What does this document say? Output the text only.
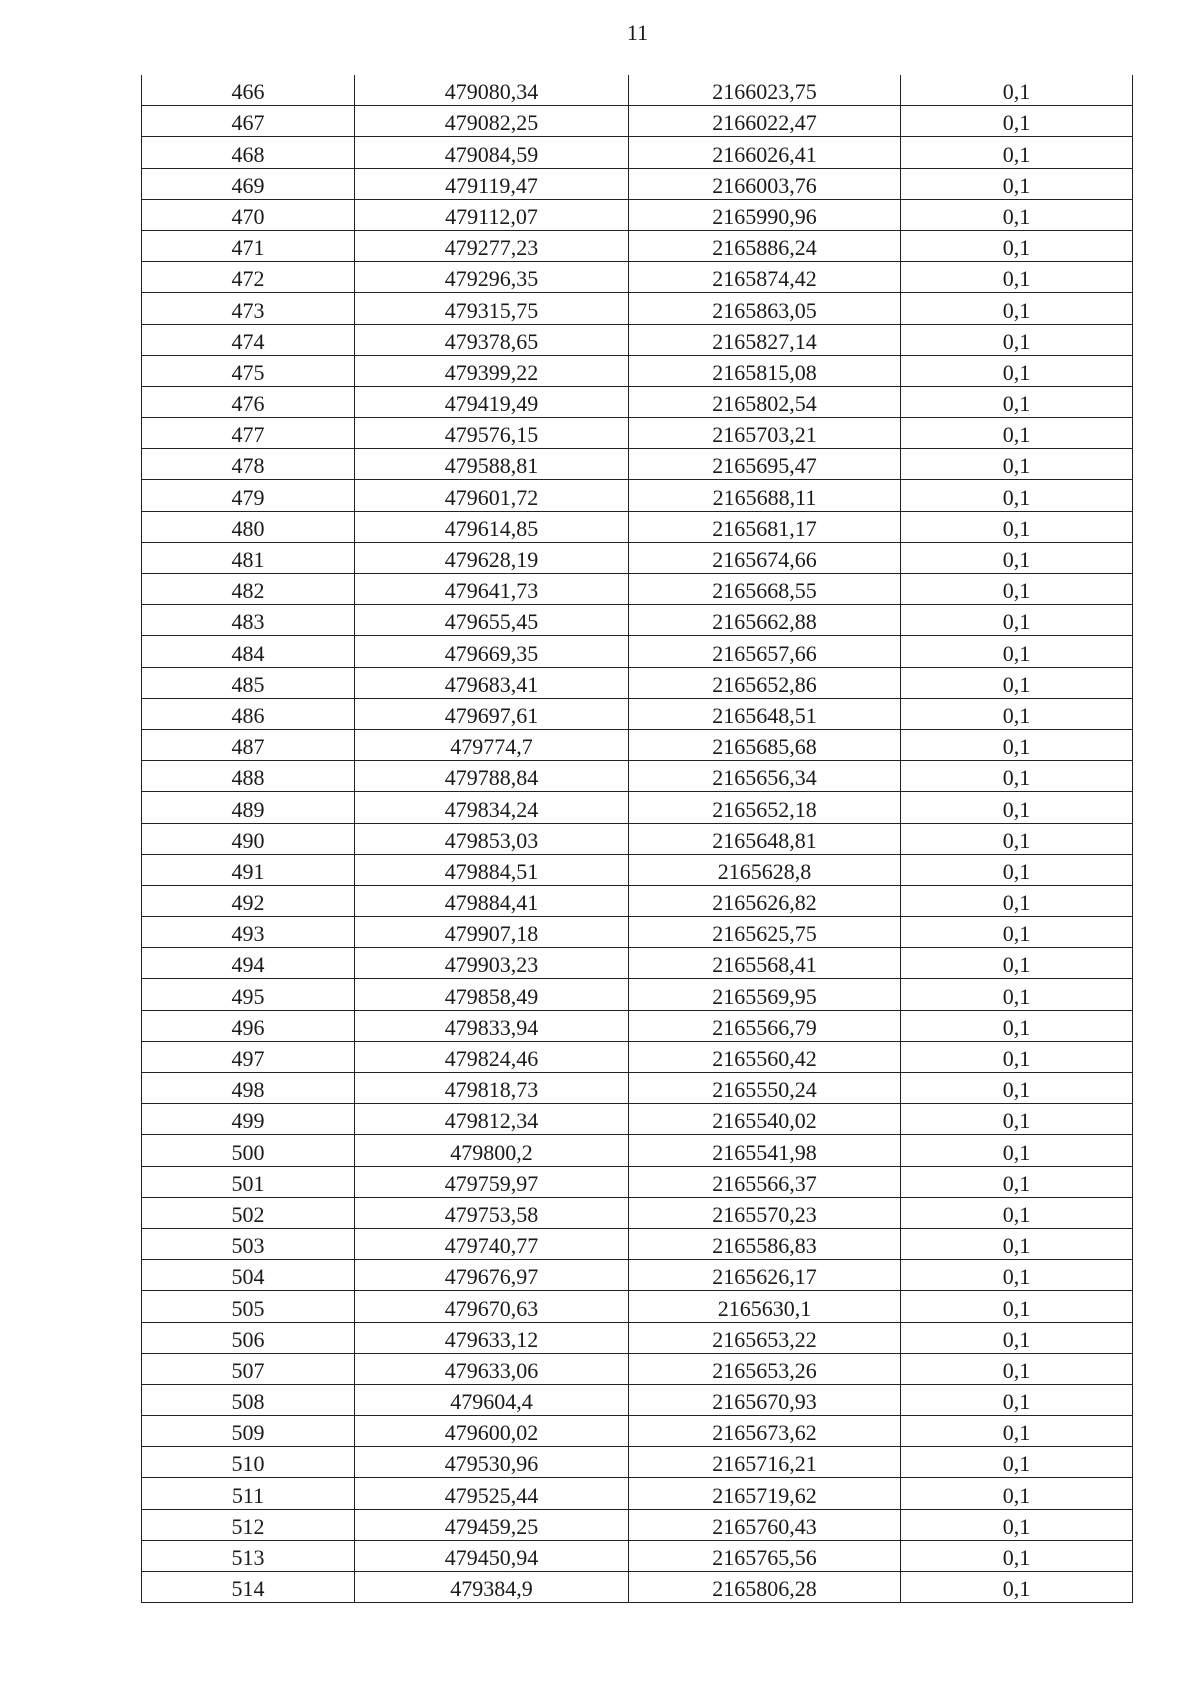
11
466	479080,34	2166023,75	0,1
467	479082,25	2166022,47	0,1
468	479084,59	2166026,41	0,1
469	479119,47	2166003,76	0,1
470	479112,07	2165990,96	0,1
471	479277,23	2165886,24	0,1
472	479296,35	2165874,42	0,1
473	479315,75	2165863,05	0,1
474	479378,65	2165827,14	0,1
475	479399,22	2165815,08	0,1
476	479419,49	2165802,54	0,1
477	479576,15	2165703,21	0,1
478	479588,81	2165695,47	0,1
479	479601,72	2165688,11	0,1
480	479614,85	2165681,17	0,1
481	479628,19	2165674,66	0,1
482	479641,73	2165668,55	0,1
483	479655,45	2165662,88	0,1
484	479669,35	2165657,66	0,1
485	479683,41	2165652,86	0,1
486	479697,61	2165648,51	0,1
487	479774,7	2165685,68	0,1
488	479788,84	2165656,34	0,1
489	479834,24	2165652,18	0,1
490	479853,03	2165648,81	0,1
491	479884,51	2165628,8	0,1
492	479884,41	2165626,82	0,1
493	479907,18	2165625,75	0,1
494	479903,23	2165568,41	0,1
495	479858,49	2165569,95	0,1
496	479833,94	2165566,79	0,1
497	479824,46	2165560,42	0,1
498	479818,73	2165550,24	0,1
499	479812,34	2165540,02	0,1
500	479800,2	2165541,98	0,1
501	479759,97	2165566,37	0,1
502	479753,58	2165570,23	0,1
503	479740,77	2165586,83	0,1
504	479676,97	2165626,17	0,1
505	479670,63	2165630,1	0,1
506	479633,12	2165653,22	0,1
507	479633,06	2165653,26	0,1
508	479604,4	2165670,93	0,1
509	479600,02	2165673,62	0,1
510	479530,96	2165716,21	0,1
511	479525,44	2165719,62	0,1
512	479459,25	2165760,43	0,1
513	479450,94	2165765,56	0,1
514	479384,9	2165806,28	0,1
